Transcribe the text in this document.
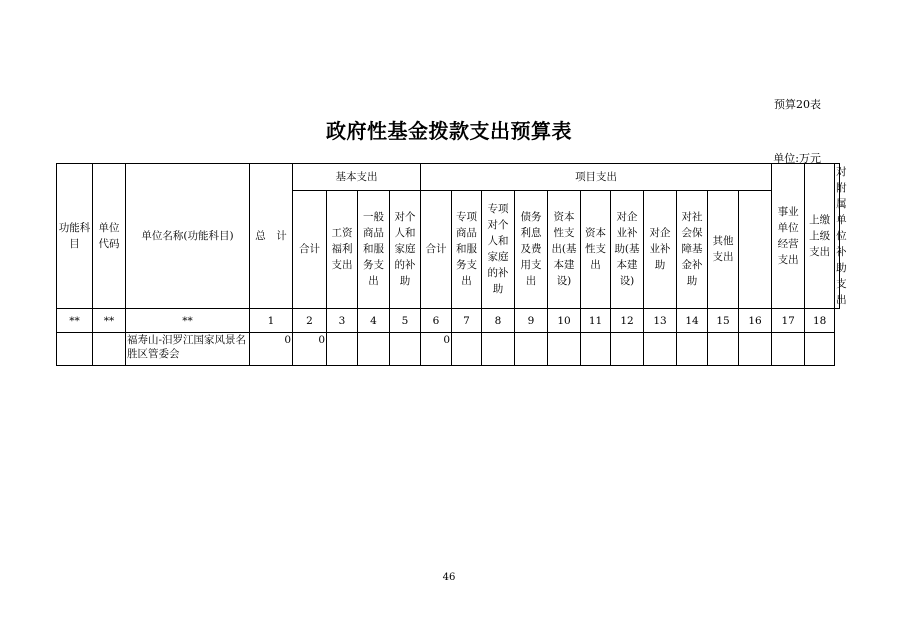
预算20表
政府性基金拨款支出预算表
单位:万元
功能科目	单位代码	单位名称(功能科目)	总　计	基本支出				项目支出											事业单位经营支出	上缴上级支出	对附属单位补助支出
				合计	工资福利支出	一般商品和服务支出	对个人和家庭的补助	合计	专项商品和服务支出	专项对个人和家庭的补助	债务利息及费用支出	资本性支出(基本建设)	资本性支出	对企业补助(基本建设)	对企业补助	对社会保障基金补助	其他支出				
**	**	**	1	2	3	4	5	6	7	8	9	10	11	12	13	14	15	16	17	18	
		福寿山-汨罗江国家风景名胜区管委会	0	0				0													
46
